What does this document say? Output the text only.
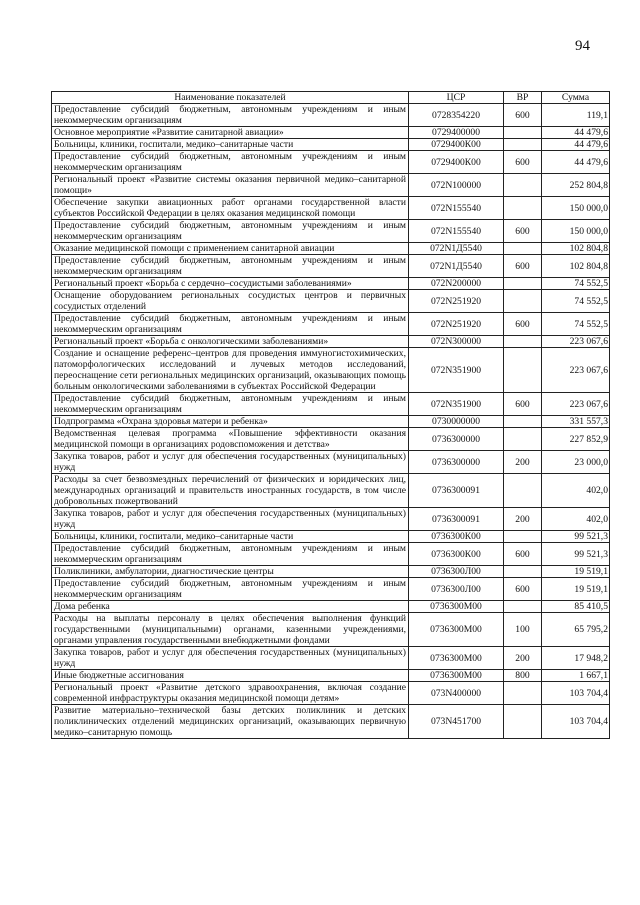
94
Наименование показателей	ЦСР	ВР	Сумма
Предоставление субсидий бюджетным, автономным учреждениям и иным некоммерческим организациям	0728354220	600	119,1
Основное мероприятие «Развитие санитарной авиации»	0729400000		44 479,6
Больницы, клиники, госпитали, медико–санитарные части	0729400К00		44 479,6
Предоставление субсидий бюджетным, автономным учреждениям и иным некоммерческим организациям	0729400К00	600	44 479,6
Региональный проект «Развитие системы оказания первичной медико–санитарной помощи»	072N100000		252 804,8
Обеспечение закупки авиационных работ органами государственной власти субъектов Российской Федерации в целях оказания медицинской помощи	072N155540		150 000,0
Предоставление субсидий бюджетным, автономным учреждениям и иным некоммерческим организациям	072N155540	600	150 000,0
Оказание медицинской помощи с применением санитарной авиации	072N1Д5540		102 804,8
Предоставление субсидий бюджетным, автономным учреждениям и иным некоммерческим организациям	072N1Д5540	600	102 804,8
Региональный проект «Борьба с сердечно–сосудистыми заболеваниями»	072N200000		74 552,5
Оснащение оборудованием региональных сосудистых центров и первичных сосудистых отделений	072N251920		74 552,5
Предоставление субсидий бюджетным, автономным учреждениям и иным некоммерческим организациям	072N251920	600	74 552,5
Региональный проект «Борьба с онкологическими заболеваниями»	072N300000		223 067,6
Создание и оснащение референс–центров для проведения иммуногистохимических, патоморфологических исследований и лучевых методов исследований, переоснащение сети региональных медицинских организаций, оказывающих помощь больным онкологическими заболеваниями в субъектах Российской Федерации	072N351900		223 067,6
Предоставление субсидий бюджетным, автономным учреждениям и иным некоммерческим организациям	072N351900	600	223 067,6
Подпрограмма «Охрана здоровья матери и ребенка»	0730000000		331 557,3
Ведомственная целевая программа «Повышение эффективности оказания медицинской помощи в организациях родовспоможения и детства»	0736300000		227 852,9
Закупка товаров, работ и услуг для обеспечения государственных (муниципальных) нужд	0736300000	200	23 000,0
Расходы за счет безвозмездных перечислений от физических и юридических лиц, международных организаций и правительств иностранных государств, в том числе добровольных пожертвований	0736300091		402,0
Закупка товаров, работ и услуг для обеспечения государственных (муниципальных) нужд	0736300091	200	402,0
Больницы, клиники, госпитали, медико–санитарные части	0736300К00		99 521,3
Предоставление субсидий бюджетным, автономным учреждениям и иным некоммерческим организациям	0736300К00	600	99 521,3
Поликлиники, амбулатории, диагностические центры	0736300Л00		19 519,1
Предоставление субсидий бюджетным, автономным учреждениям и иным некоммерческим организациям	0736300Л00	600	19 519,1
Дома ребенка	0736300М00		85 410,5
Расходы на выплаты персоналу в целях обеспечения выполнения функций государственными (муниципальными) органами, казенными учреждениями, органами управления государственными внебюджетными фондами	0736300М00	100	65 795,2
Закупка товаров, работ и услуг для обеспечения государственных (муниципальных) нужд	0736300М00	200	17 948,2
Иные бюджетные ассигнования	0736300М00	800	1 667,1
Региональный проект «Развитие детского здравоохранения, включая создание современной инфраструктуры оказания медицинской помощи детям»	073N400000		103 704,4
Развитие материально–технической базы детских поликлиник и детских поликлинических отделений медицинских организаций, оказывающих первичную медико–санитарную помощь	073N451700		103 704,4
